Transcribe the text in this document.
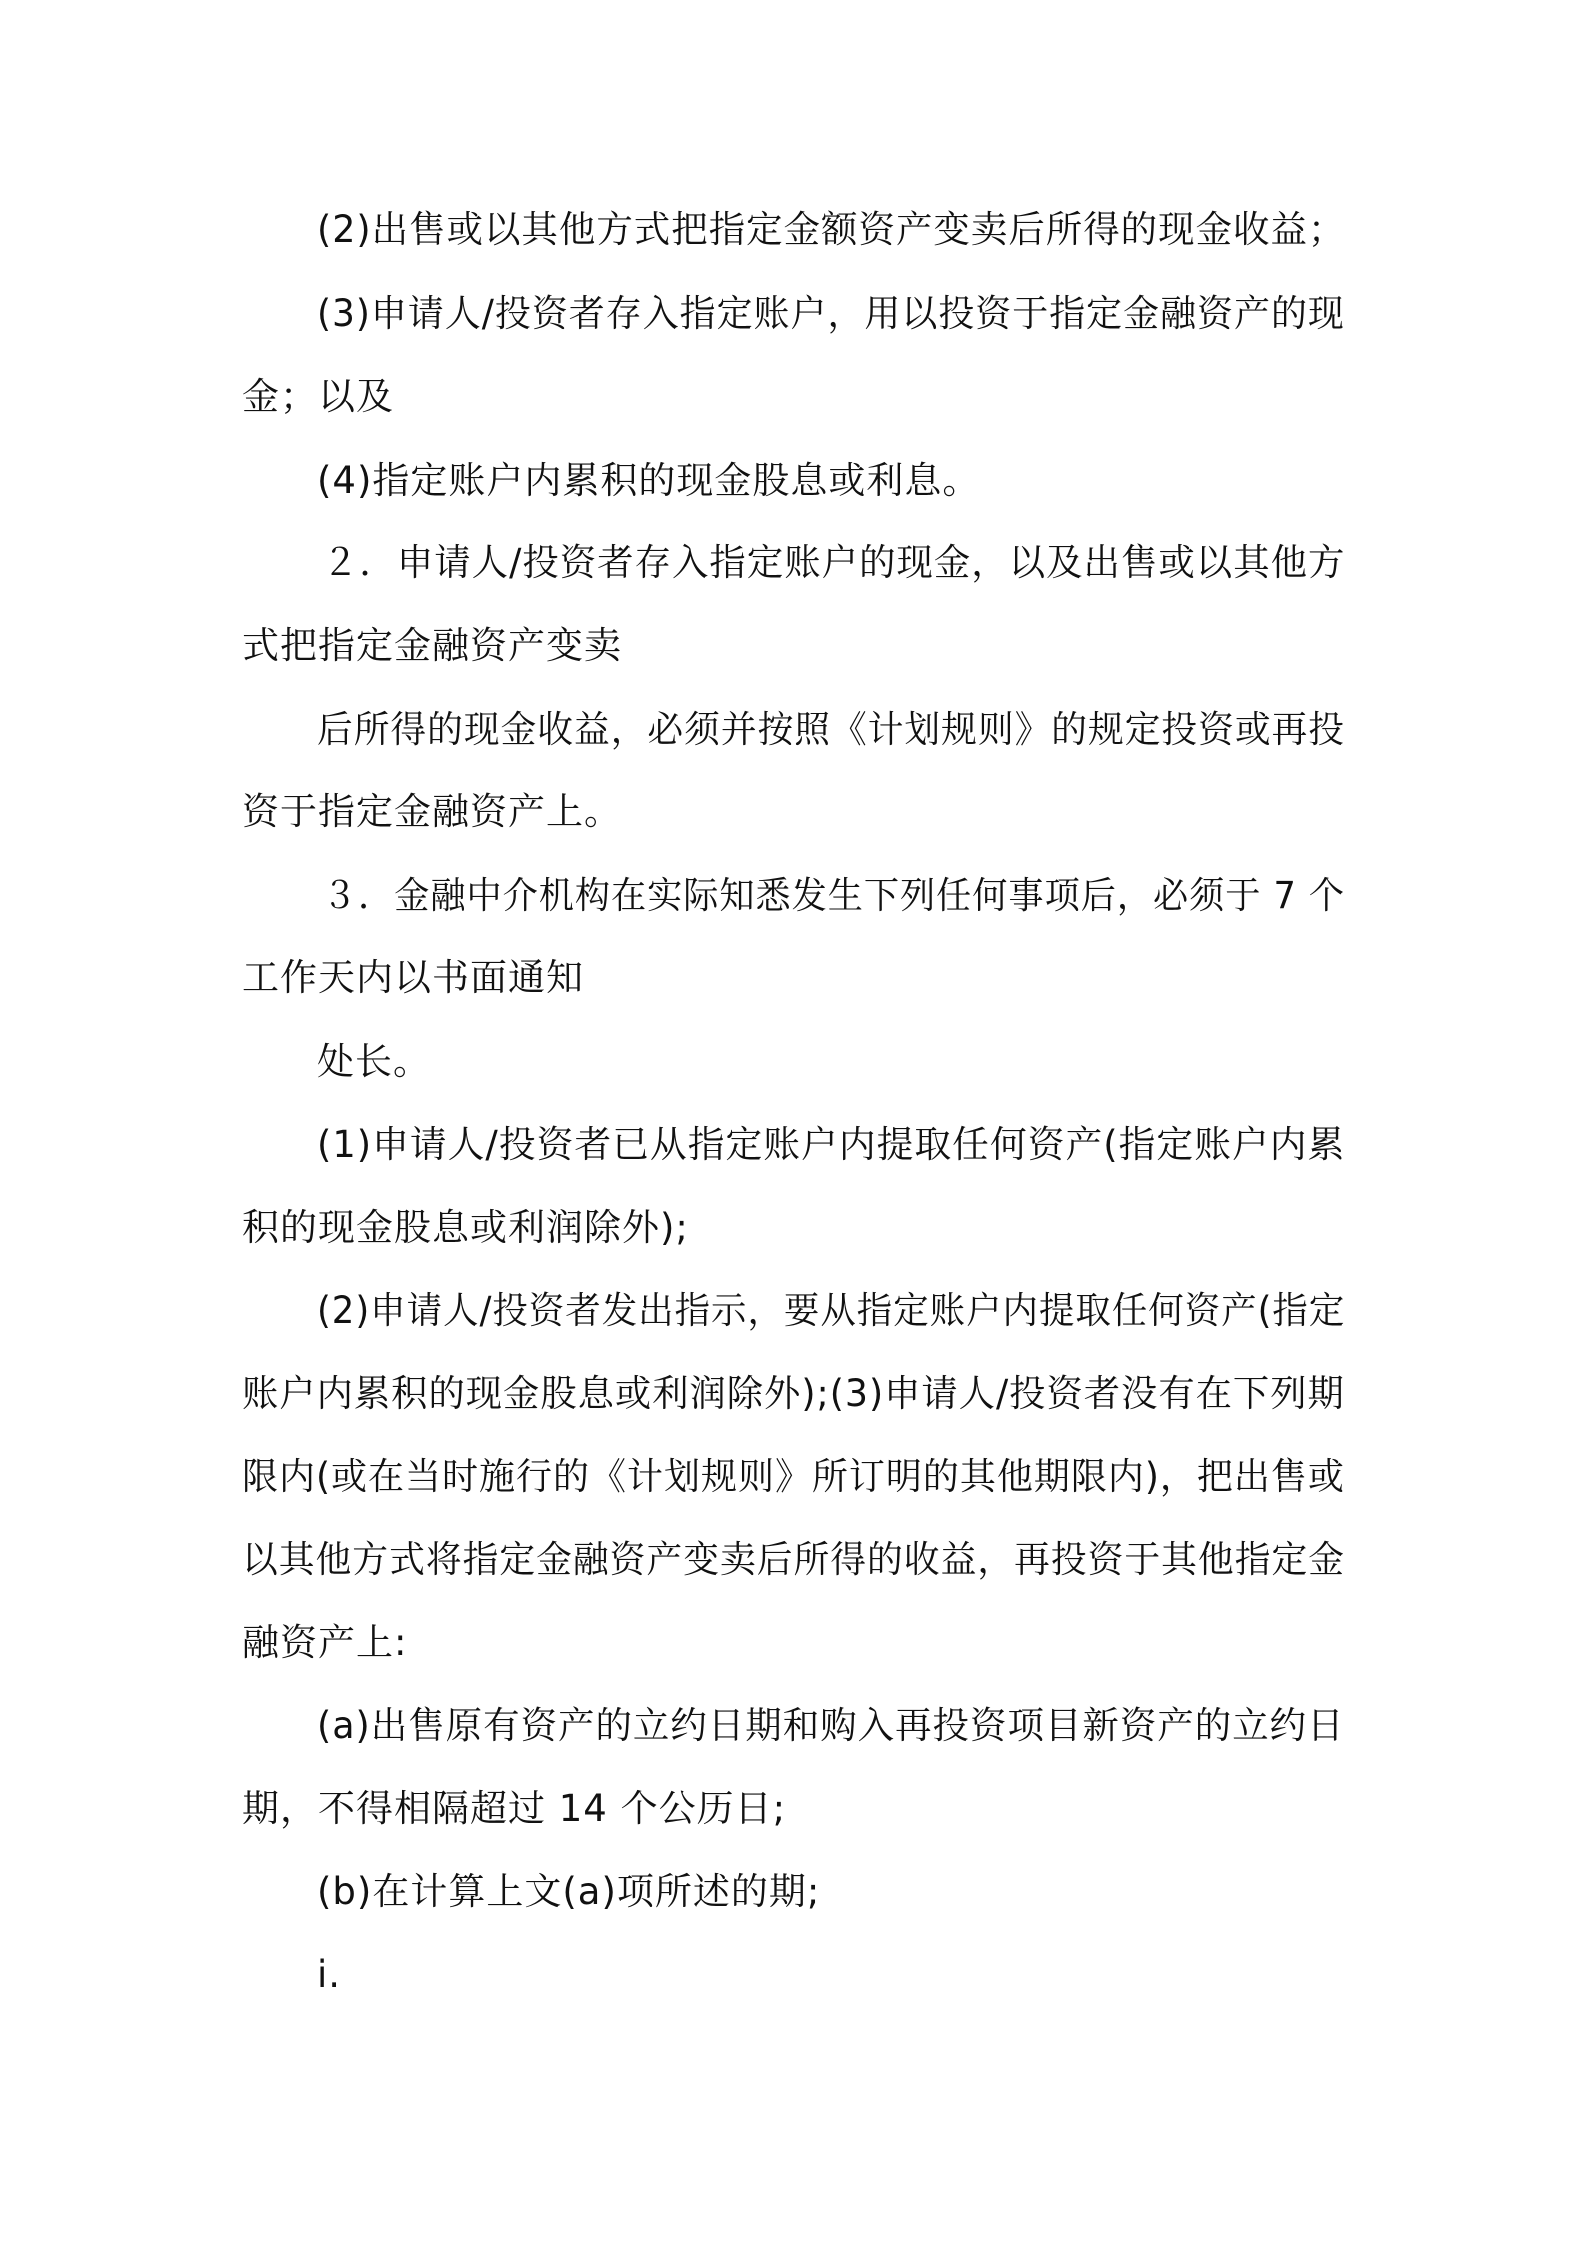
(2)出售或以其他方式把指定金额资产变卖后所得的现金收益；
(3)申请人/投资者存入指定账户，用以投资于指定金融资产的现
金；以及
(4)指定账户内累积的现金股息或利息。
２．申请人/投资者存入指定账户的现金，以及出售或以其他方
式把指定金融资产变卖
后所得的现金收益，必须并按照《计划规则》的规定投资或再投
资于指定金融资产上。
３．金融中介机构在实际知悉发生下列任何事项后，必须于 7 个
工作天内以书面通知
处长。
(1)申请人/投资者已从指定账户内提取任何资产(指定账户内累
积的现金股息或利润除外);
(2)申请人/投资者发出指示，要从指定账户内提取任何资产(指定
账户内累积的现金股息或利润除外);(3)申请人/投资者没有在下列期
限内(或在当时施行的《计划规则》所订明的其他期限内)，把出售或
以其他方式将指定金融资产变卖后所得的收益，再投资于其他指定金
融资产上:
(a)出售原有资产的立约日期和购入再投资项目新资产的立约日
期，不得相隔超过 14 个公历日;
(b)在计算上文(a)项所述的期;
i.
